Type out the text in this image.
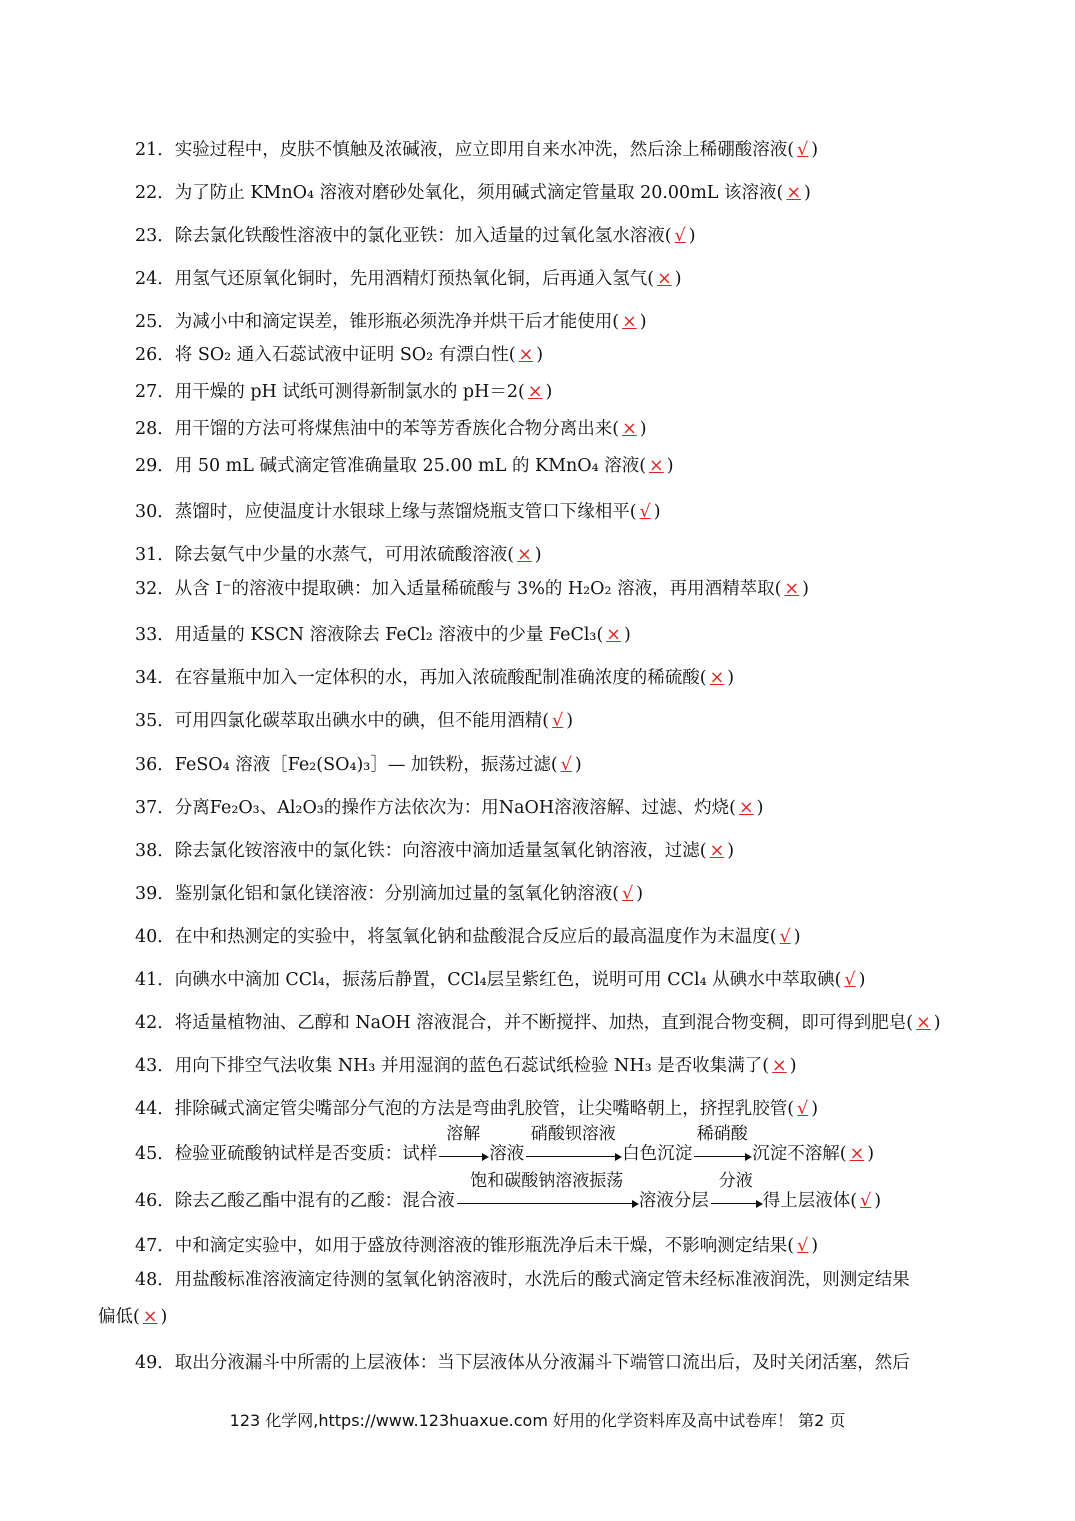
21．实验过程中，皮肤不慎触及浓碱液，应立即用自来水冲洗，然后涂上稀硼酸溶液( √ )
22．为了防止 KMnO₄ 溶液对磨砂处氧化，须用碱式滴定管量取 20.00mL 该溶液( × )
23．除去氯化铁酸性溶液中的氯化亚铁：加入适量的过氧化氢水溶液( √ )
24．用氢气还原氧化铜时，先用酒精灯预热氧化铜，后再通入氢气( × )
25．为减小中和滴定误差，锥形瓶必须洗净并烘干后才能使用( × )
26．将 SO₂ 通入石蕊试液中证明 SO₂ 有漂白性( × )
27．用干燥的 pH 试纸可测得新制氯水的 pH＝2( × )
28．用干馏的方法可将煤焦油中的苯等芳香族化合物分离出来( × )
29．用 50 mL 碱式滴定管准确量取 25.00 mL 的 KMnO₄ 溶液( × )
30．蒸馏时，应使温度计水银球上缘与蒸馏烧瓶支管口下缘相平( √ )
31．除去氨气中少量的水蒸气，可用浓硫酸溶液( × )
32．从含 I⁻的溶液中提取碘：加入适量稀硫酸与 3%的 H₂O₂ 溶液，再用酒精萃取( × )
33．用适量的 KSCN 溶液除去 FeCl₂ 溶液中的少量 FeCl₃( × )
34．在容量瓶中加入一定体积的水，再加入浓硫酸配制准确浓度的稀硫酸( × )
35．可用四氯化碳萃取出碘水中的碘，但不能用酒精( √ )
36．FeSO₄ 溶液［Fe₂(SO₄)₃］— 加铁粉，振荡过滤( √ )
37．分离Fe₂O₃、Al₂O₃的操作方法依次为：用NaOH溶液溶解、过滤、灼烧( × )
38．除去氯化铵溶液中的氯化铁：向溶液中滴加适量氢氧化钠溶液，过滤( × )
39．鉴别氯化铝和氯化镁溶液：分别滴加过量的氢氧化钠溶液( √ )
40．在中和热测定的实验中，将氢氧化钠和盐酸混合反应后的最高温度作为末温度( √ )
41．向碘水中滴加 CCl₄，振荡后静置，CCl₄层呈紫红色，说明可用 CCl₄ 从碘水中萃取碘( √ )
42．将适量植物油、乙醇和 NaOH 溶液混合，并不断搅拌、加热，直到混合物变稠，即可得到肥皂( × )
43．用向下排空气法收集 NH₃ 并用湿润的蓝色石蕊试纸检验 NH₃ 是否收集满了( × )
44．排除碱式滴定管尖嘴部分气泡的方法是弯曲乳胶管，让尖嘴略朝上，挤捏乳胶管( √ )
45．检验亚硫酸钠试样是否变质：试样
溶解
溶液
硝酸钡溶液
白色沉淀
稀硝酸
沉淀不溶解( × )
46．除去乙酸乙酯中混有的乙酸：混合液
饱和碳酸钠溶液振荡
溶液分层
分液
得上层液体( √ )
47．中和滴定实验中，如用于盛放待测溶液的锥形瓶洗净后未干燥，不影响测定结果( √ )
48．用盐酸标准溶液滴定待测的氢氧化钠溶液时，水洗后的酸式滴定管未经标准液润洗，则测定结果
偏低( × )
49．取出分液漏斗中所需的上层液体：当下层液体从分液漏斗下端管口流出后，及时关闭活塞，然后
123 化学网,https://www.123huaxue.com 好用的化学资料库及高中试卷库！ 第2 页
